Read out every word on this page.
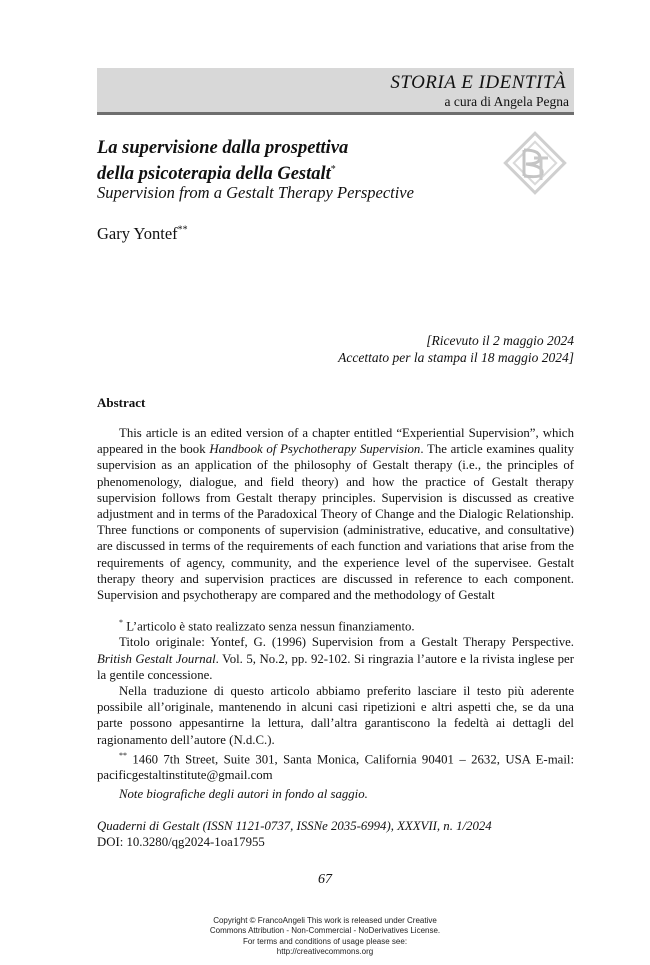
STORIA E IDENTITÀ
a cura di Angela Pegna
La supervisione dalla prospettiva
della psicoterapia della Gestalt*
Supervision from a Gestalt Therapy Perspective
Gary Yontef**
[Ricevuto il 2 maggio 2024
Accettato per la stampa il 18 maggio 2024]
Abstract

This article is an edited version of a chapter entitled “Experiential Supervision”, which appeared in the book Handbook of Psychotherapy Supervision. The article examines quality supervision as an application of the philosophy of Gestalt therapy (i.e., the principles of phenomenology, dialogue, and field theory) and how the practice of Gestalt therapy supervision follows from Gestalt therapy principles. Supervision is discussed as creative adjustment and in terms of the Paradoxical Theory of Change and the Dialogic Relationship. Three functions or components of supervision (administrative, educative, and consultative) are discussed in terms of the requirements of each function and variations that arise from the requirements of agency, community, and the experience level of the supervisee. Gestalt therapy theory and supervision practices are discussed in reference to each component. Supervision and psychotherapy are compared and the methodology of Gestalt

* L’articolo è stato realizzato senza nessun finanziamento.

Titolo originale: Yontef, G. (1996) Supervision from a Gestalt Therapy Perspective. British Gestalt Journal. Vol. 5, No.2, pp. 92-102. Si ringrazia l’autore e la rivista inglese per la gentile concessione.

Nella traduzione di questo articolo abbiamo preferito lasciare il testo più aderente possibile all’originale, mantenendo in alcuni casi ripetizioni e altri aspetti che, se da una parte possono appesantirne la lettura, dall’altra garantiscono la fedeltà ai dettagli del ragionamento dell’autore (N.d.C.).

** 1460 7th Street, Suite 301, Santa Monica, California 90401 – 2632, USA E-mail: pacificgestaltinstitute@gmail.com

Note biografiche degli autori in fondo al saggio.
Quaderni di Gestalt (ISSN 1121-0737, ISSNe 2035-6994), XXXVII, n. 1/2024
DOI: 10.3280/qg2024-1oa17955
67
Copyright © FrancoAngeli This work is released under Creative
Commons Attribution - Non-Commercial - NoDerivatives License.
For terms and conditions of usage please see:
http://creativecommons.org
